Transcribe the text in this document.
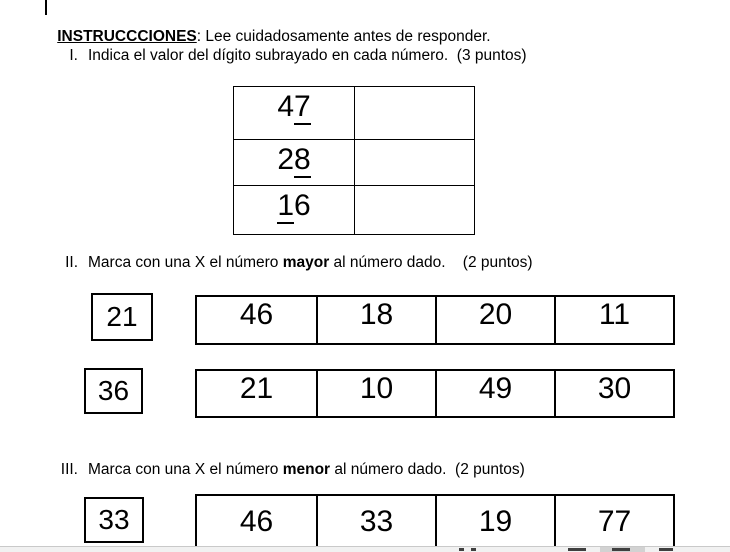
INSTRUCCCIONES: Lee cuidadosamente antes de responder.

I. Indica el valor del dígito subrayado en cada número.  (3 puntos)
47
28
16
II. Marca con una X el número mayor al número dado.    (2 puntos)
21	46	18	20	11
36	21	10	49	30
III. Marca con una X el número menor al número dado.  (2 puntos)
33	46	33	19	77
